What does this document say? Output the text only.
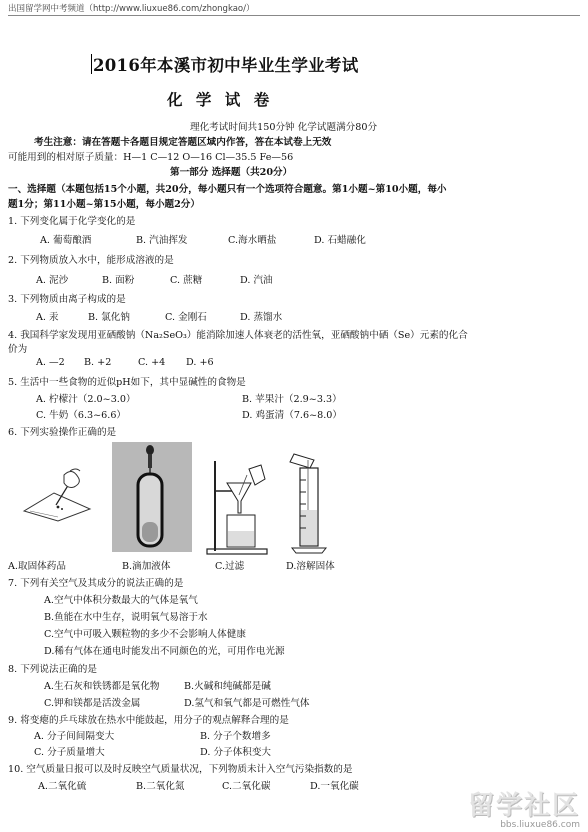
出国留学网中考频道（http://www.liuxue86.com/zhongkao/）
2016年本溪市初中毕业生学业考试
化 学 试 卷
理化考试时间共150分钟 化学试题满分80分
考生注意：请在答题卡各题目规定答题区域内作答，答在本试卷上无效
可能用到的相对原子质量：H—1 C—12 O—16 Cl—35.5 Fe—56
第一部分 选择题（共20分）
一、选择题（本题包括15个小题，共20分，每小题只有一个选项符合题意。第1小题~第10小题，每小
题1分；第11小题~第15小题，每小题2分）
1. 下列变化属于化学变化的是
A. 葡萄酿酒	B. 汽油挥发	C.海水晒盐	D. 石蜡融化
2. 下列物质放入水中，能形成溶液的是
A. 泥沙	B. 面粉	C. 蔗糖	D. 汽油
3. 下列物质由离子构成的是
A. 汞	B. 氯化钠	C. 金刚石	D. 蒸馏水
4. 我国科学家发现用亚硒酸钠（Na₂SeO₃）能消除加速人体衰老的活性氧，亚硒酸钠中硒（Se）元素的化合
价为
A. —2 B. +2	C. +4 D. +6
5. 生活中一些食物的近似pH如下，其中显碱性的食物是
A. 柠檬汁（2.0~3.0）	B. 苹果汁（2.9~3.3）
C. 牛奶（6.3~6.6）	D. 鸡蛋清（7.6~8.0）
6. 下列实验操作正确的是
A.取固体药品	B.滴加液体	C.过滤	D.溶解固体
7. 下列有关空气及其成分的说法正确的是
A.空气中体积分数最大的气体是氧气
B.鱼能在水中生存，说明氧气易溶于水
C.空气中可吸入颗粒物的多少不会影响人体健康
D.稀有气体在通电时能发出不同颜色的光，可用作电光源
8. 下列说法正确的是
A.生石灰和铁锈都是氧化物	B.火碱和纯碱都是碱
C.钾和镁都是活泼金属	D.氢气和氧气都是可燃性气体
9. 将变瘪的乒乓球放在热水中能鼓起，用分子的观点解释合理的是
A. 分子间间隔变大	B. 分子个数增多
C. 分子质量增大	D. 分子体积变大
10. 空气质量日报可以及时反映空气质量状况，下列物质未计入空气污染指数的是
A.二氧化硫	B.二氧化氮	C.二氧化碳	D.一氧化碳
留学社区
bbs.liuxue86.com
